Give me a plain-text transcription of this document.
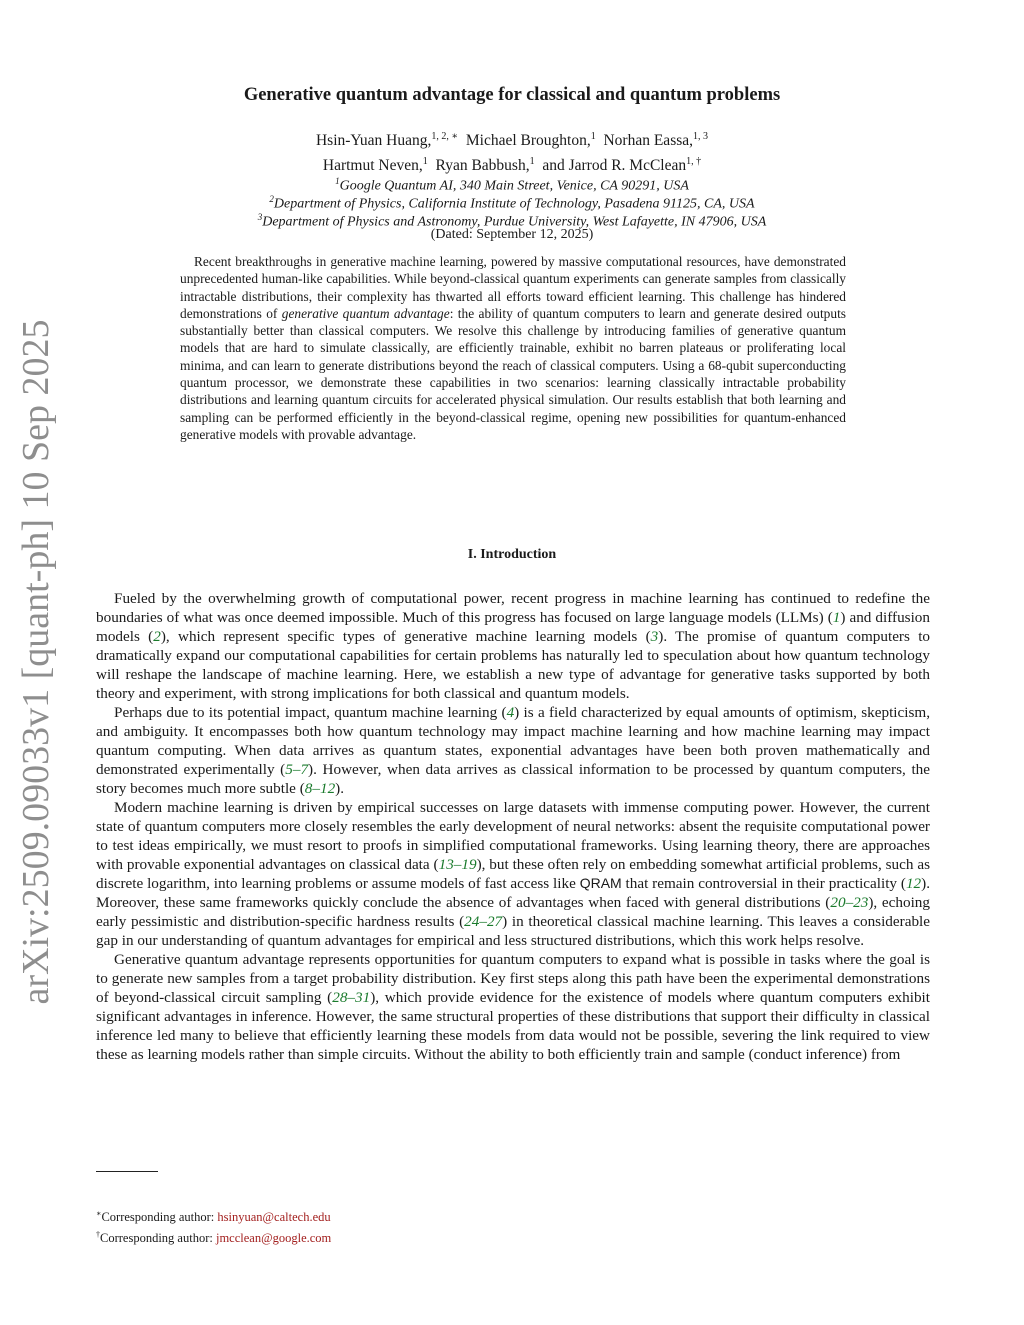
arXiv:2509.09033v1 [quant-ph] 10 Sep 2025
Generative quantum advantage for classical and quantum problems
Hsin-Yuan Huang,$^{1, 2, ∗}$ Michael Broughton,$^1$ Norhan Eassa,$^{1, 3}$
Hartmut Neven,$^1$ Ryan Babbush,$^1$ and Jarrod R. McClean$^{1, \dagger}$
$^1$Google Quantum AI, 340 Main Street, Venice, CA 90291, USA
$^2$Department of Physics, California Institute of Technology, Pasadena 91125, CA, USA
$^3$Department of Physics and Astronomy, Purdue University, West Lafayette, IN 47906, USA
(Dated: September 12, 2025)

Recent breakthroughs in generative machine learning, powered by massive computational resources, have demonstrated unprecedented human-like capabilities. While beyond-classical quantum experiments can generate samples from classically intractable distributions, their complexity has thwarted all efforts toward efficient learning. This challenge has hindered demonstrations of generative quantum advantage: the ability of quantum computers to learn and generate desired outputs substantially better than classical computers. We resolve this challenge by introducing families of generative quantum models that are hard to simulate classically, are efficiently trainable, exhibit no barren plateaus or proliferating local minima, and can learn to generate distributions beyond the reach of classical computers. Using a 68-qubit superconducting quantum processor, we demonstrate these capabilities in two scenarios: learning classically intractable probability distributions and learning quantum circuits for accelerated physical simulation. Our results establish that both learning and sampling can be performed efficiently in the beyond-classical regime, opening new possibilities for quantum-enhanced generative models with provable advantage.

I. Introduction

Fueled by the overwhelming growth of computational power, recent progress in machine learning has continued to redefine the boundaries of what was once deemed impossible. Much of this progress has focused on large language models (LLMs) (1) and diffusion models (2), which represent specific types of generative machine learning models (3). The promise of quantum computers to dramatically expand our computational capabilities for certain problems has naturally led to speculation about how quantum technology will reshape the landscape of machine learning. Here, we establish a new type of advantage for generative tasks supported by both theory and experiment, with strong implications for both classical and quantum models.

Perhaps due to its potential impact, quantum machine learning (4) is a field characterized by equal amounts of optimism, skepticism, and ambiguity. It encompasses both how quantum technology may impact machine learning and how machine learning may impact quantum computing. When data arrives as quantum states, exponential advantages have been both proven mathematically and demonstrated experimentally (5–7). However, when data arrives as classical information to be processed by quantum computers, the story becomes much more subtle (8–12).

Modern machine learning is driven by empirical successes on large datasets with immense computing power. However, the current state of quantum computers more closely resembles the early development of neural networks: absent the requisite computational power to test ideas empirically, we must resort to proofs in simplified computational frameworks. Using learning theory, there are approaches with provable exponential advantages on classical data (13–19), but these often rely on embedding somewhat artificial problems, such as discrete logarithm, into learning problems or assume models of fast access like QRAM that remain controversial in their practicality (12). Moreover, these same frameworks quickly conclude the absence of advantages when faced with general distributions (20–23), echoing early pessimistic and distribution-specific hardness results (24–27) in theoretical classical machine learning. This leaves a considerable gap in our understanding of quantum advantages for empirical and less structured distributions, which this work helps resolve.

Generative quantum advantage represents opportunities for quantum computers to expand what is possible in tasks where the goal is to generate new samples from a target probability distribution. Key first steps along this path have been the experimental demonstrations of beyond-classical circuit sampling (28–31), which provide evidence for the existence of models where quantum computers exhibit significant advantages in inference. However, the same structural properties of these distributions that support their difficulty in classical inference led many to believe that efficiently learning these models from data would not be possible, severing the link required to view these as learning models rather than simple circuits. Without the ability to both efficiently train and sample (conduct inference) from

∗Corresponding author: hsinyuan@caltech.edu
†Corresponding author: jmcclean@google.com
